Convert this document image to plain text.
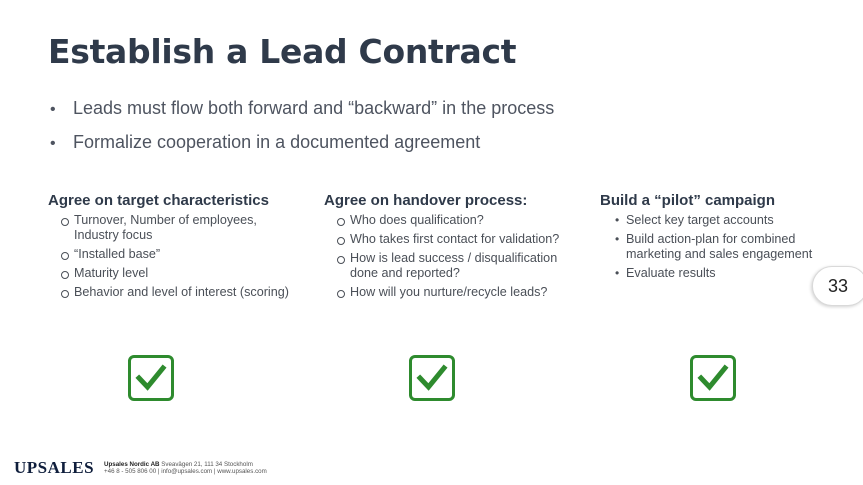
Establish a Lead Contract
• Leads must flow both forward and “backward” in the process
• Formalize cooperation in a documented agreement
Agree on target characteristics
Turnover, Number of employees, Industry focus
“Installed base”
Maturity level
Behavior and level of interest (scoring)
Agree on handover process:
Who does qualification?
Who takes first contact for validation?
How is lead success / disqualification done and reported?
How will you nurture/recycle leads?
Build a “pilot” campaign
• Select key target accounts
• Build action-plan for combined marketing and sales engagement
• Evaluate results
33
UPSALES Upsales Nordic AB Sveavägen 21, 111 34 Stockholm
+46 8 - 505 806 00 | info@upsales.com | www.upsales.com
